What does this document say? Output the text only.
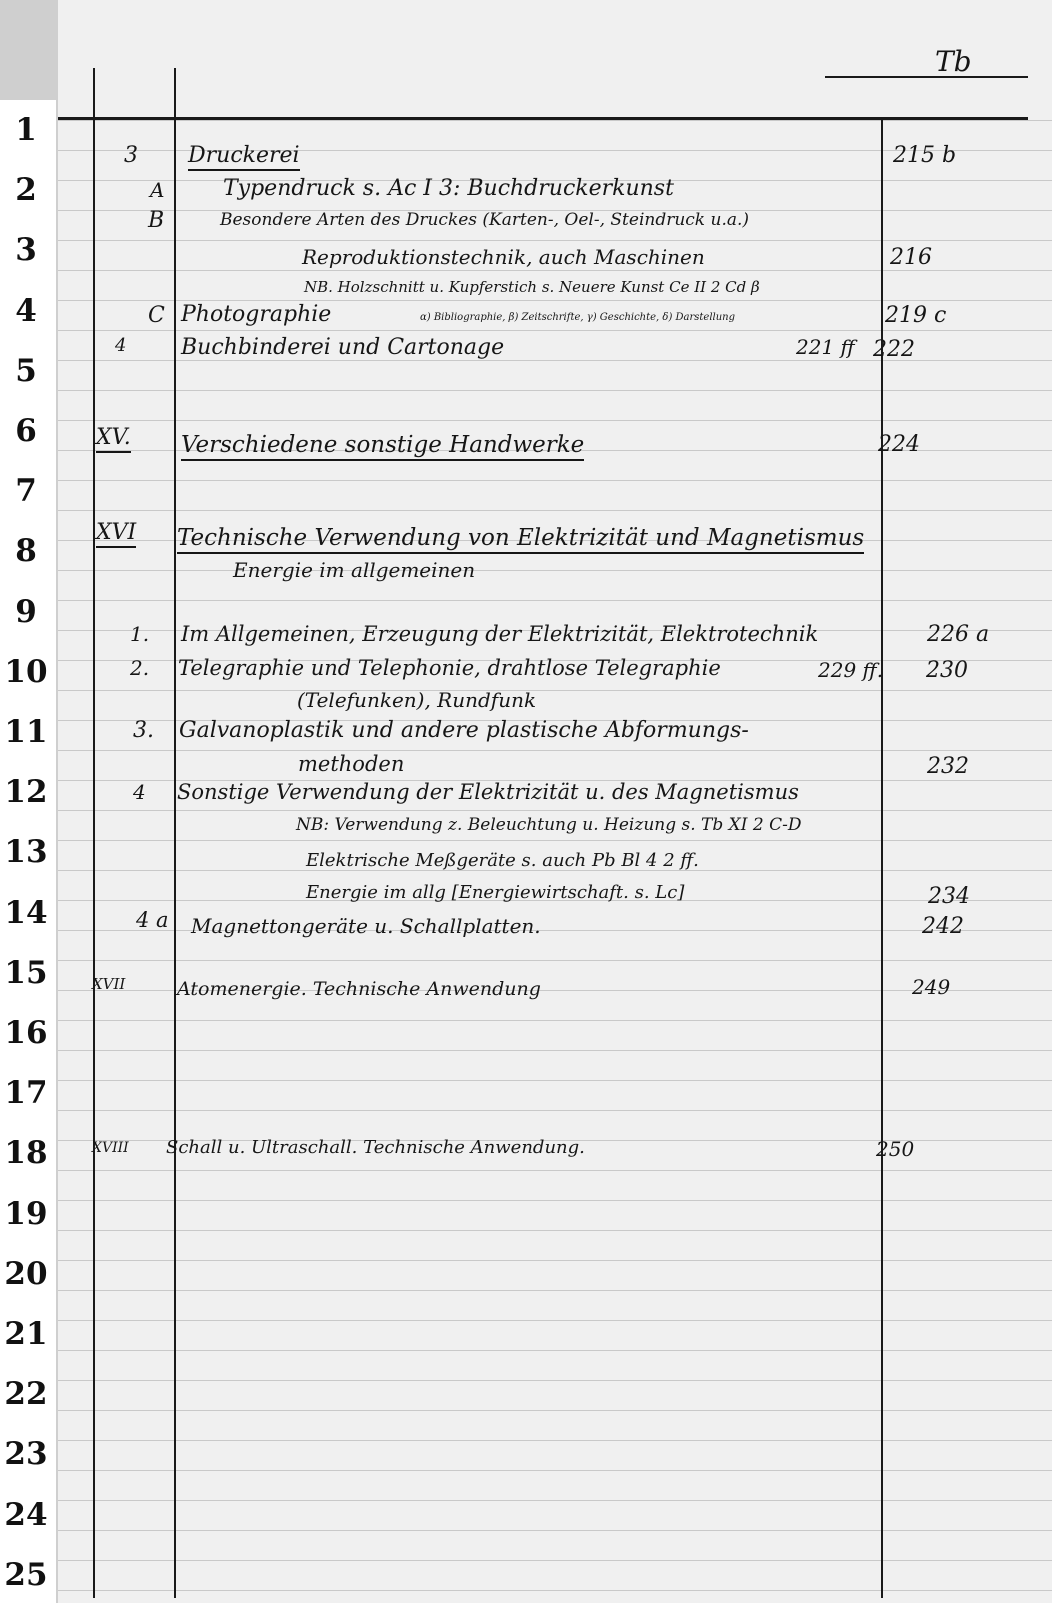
1
2
3
4
5
6
7
8
9
10
11
12
13
14
15
16
17
18
19
20
21
22
23
24
25
Tb
3 Druckerei	215 b
A	Typendruck s. Ac I 3: Buchdruckerkunst
B	Besondere Arten des Druckes (Karten-, Oel-, Steindruck u.a.)
Reproduktionstechnik, auch Maschinen	216
NB. Holzschnitt u. Kupferstich s. Neuere Kunst Ce II 2 Cd β
C Photographie	α) Bibliographie, β) Zeitschrifte, γ) Geschichte, δ) Darstellung	219 c
4 Buchbinderei und Cartonage	221 ff 222
XV. Verschiedene sonstige Handwerke	224
XVI Technische Verwendung von Elektrizität und Magnetismus
Energie im allgemeinen
1. Im Allgemeinen, Erzeugung der Elektrizität, Elektrotechnik	226 a
2. Telegraphie und Telephonie, drahtlose Telegraphie	229 ff. 230
(Telefunken), Rundfunk
3. Galvanoplastik und andere plastische Abformungs-
methoden	232
4 Sonstige Verwendung der Elektrizität u. des Magnetismus
NB: Verwendung z. Beleuchtung u. Heizung s. Tb XI 2 C-D
Elektrische Meßgeräte s. auch Pb Bl 4 2 ff.
Energie im allg [Energiewirtschaft. s. Lc]	234
4 a Magnettongeräte u. Schallplatten.	242
XVII	Atomenergie. Technische Anwendung	249
XVIII Schall u. Ultraschall. Technische Anwendung.	250
